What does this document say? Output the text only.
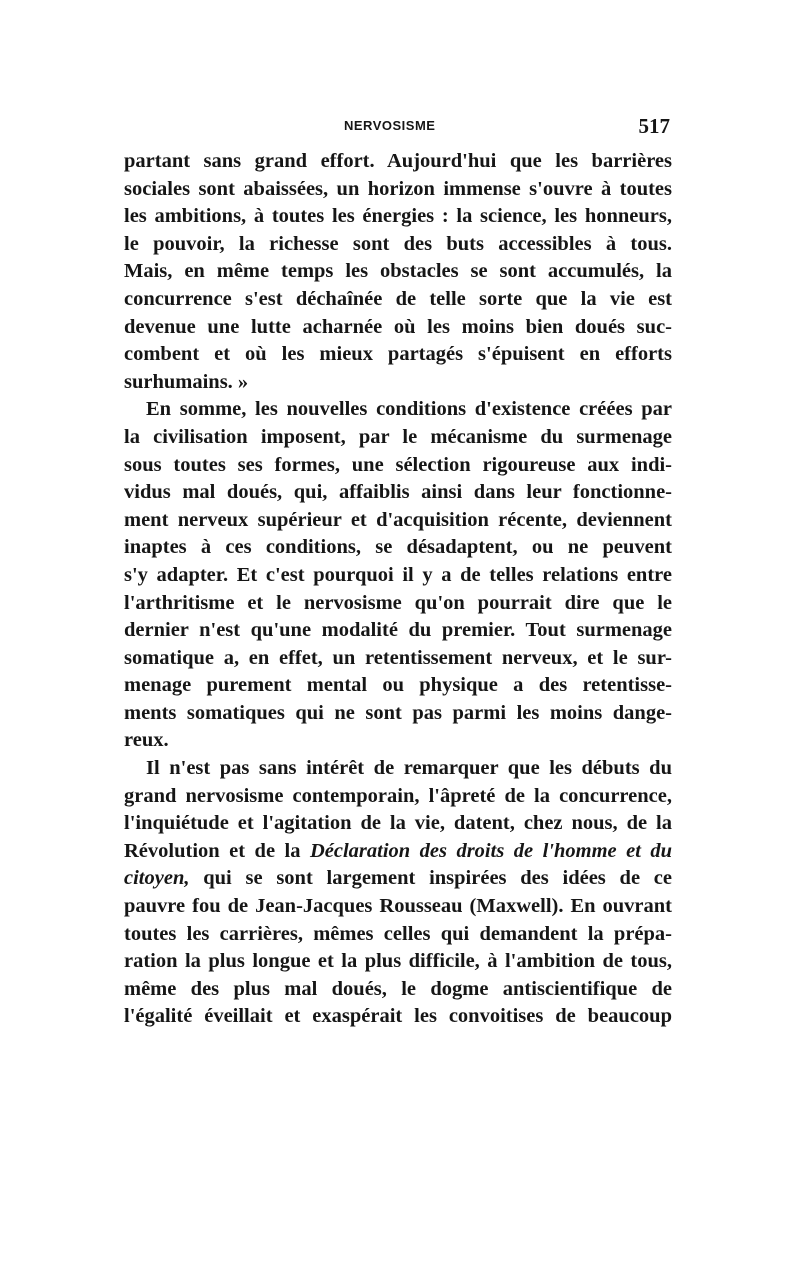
NERVOSISME	517
partant sans grand effort. Aujourd'hui que les barrières
sociales sont abaissées, un horizon immense s'ouvre à toutes
les ambitions, à toutes les énergies : la science, les honneurs,
le pouvoir, la richesse sont des buts accessibles à tous.
Mais, en même temps les obstacles se sont accumulés, la
concurrence s'est déchaînée de telle sorte que la vie est
devenue une lutte acharnée où les moins bien doués suc-
combent et où les mieux partagés s'épuisent en efforts
surhumains. »
En somme, les nouvelles conditions d'existence créées par
la civilisation imposent, par le mécanisme du surmenage
sous toutes ses formes, une sélection rigoureuse aux indi-
vidus mal doués, qui, affaiblis ainsi dans leur fonctionne-
ment nerveux supérieur et d'acquisition récente, deviennent
inaptes à ces conditions, se désadaptent, ou ne peuvent
s'y adapter. Et c'est pourquoi il y a de telles relations entre
l'arthritisme et le nervosisme qu'on pourrait dire que le
dernier n'est qu'une modalité du premier. Tout surmenage
somatique a, en effet, un retentissement nerveux, et le sur-
menage purement mental ou physique a des retentisse-
ments somatiques qui ne sont pas parmi les moins dange-
reux.
Il n'est pas sans intérêt de remarquer que les débuts du
grand nervosisme contemporain, l'âpreté de la concurrence,
l'inquiétude et l'agitation de la vie, datent, chez nous, de la
Révolution et de la Déclaration des droits de l'homme et du
citoyen, qui se sont largement inspirées des idées de ce
pauvre fou de Jean-Jacques Rousseau (Maxwell). En ouvrant
toutes les carrières, mêmes celles qui demandent la prépa-
ration la plus longue et la plus difficile, à l'ambition de tous,
même des plus mal doués, le dogme antiscientifique de
l'égalité éveillait et exaspérait les convoitises de beaucoup
